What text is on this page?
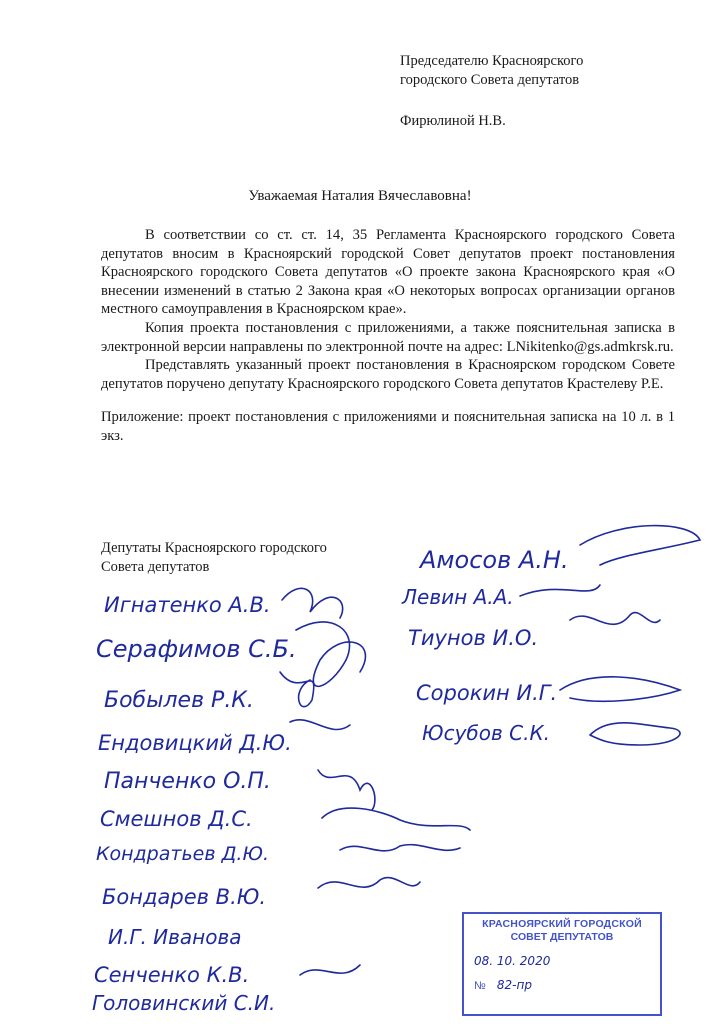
Председателю Красноярского
городского Совета депутатов
Фирюлиной Н.В.
Уважаемая Наталия Вячеславовна!

В соответствии со ст. ст. 14, 35 Регламента Красноярского городского Совета депутатов вносим в Красноярский городской Совет депутатов проект постановления Красноярского городского Совета депутатов «О проекте закона Красноярского края «О внесении изменений в статью 2 Закона края «О некоторых вопросах организации органов местного самоуправления в Красноярском крае».

Копия проекта постановления с приложениями, а также пояснительная записка в электронной версии направлены по электронной почте на адрес: LNikitenko@gs.admkrsk.ru.

Представлять указанный проект постановления в Красноярском городском Совете депутатов поручено депутату Красноярского городского Совета депутатов Крастелеву Р.Е.

Приложение: проект постановления с приложениями и пояснительная записка на 10 л. в 1 экз.

Депутаты Красноярского городского
Совета депутатов
Игнатенко А.В.
Серафимов С.Б.
Бобылев Р.К.
Ендовицкий Д.Ю.
Панченко О.П.
Смешнов Д.С.
Кондратьев Д.Ю.
Бондарев В.Ю.
И.Г. Иванова
Сенченко К.В.
Головинский С.И.
Амосов А.Н.
Левин А.А.
Тиунов И.О.
Сорокин И.Г.
Юсубов С.К.
КРАСНОЯРСКИЙ ГОРОДСКОЙ
СОВЕТ ДЕПУТАТОВ
08. 10. 2020
№ 82-пр
